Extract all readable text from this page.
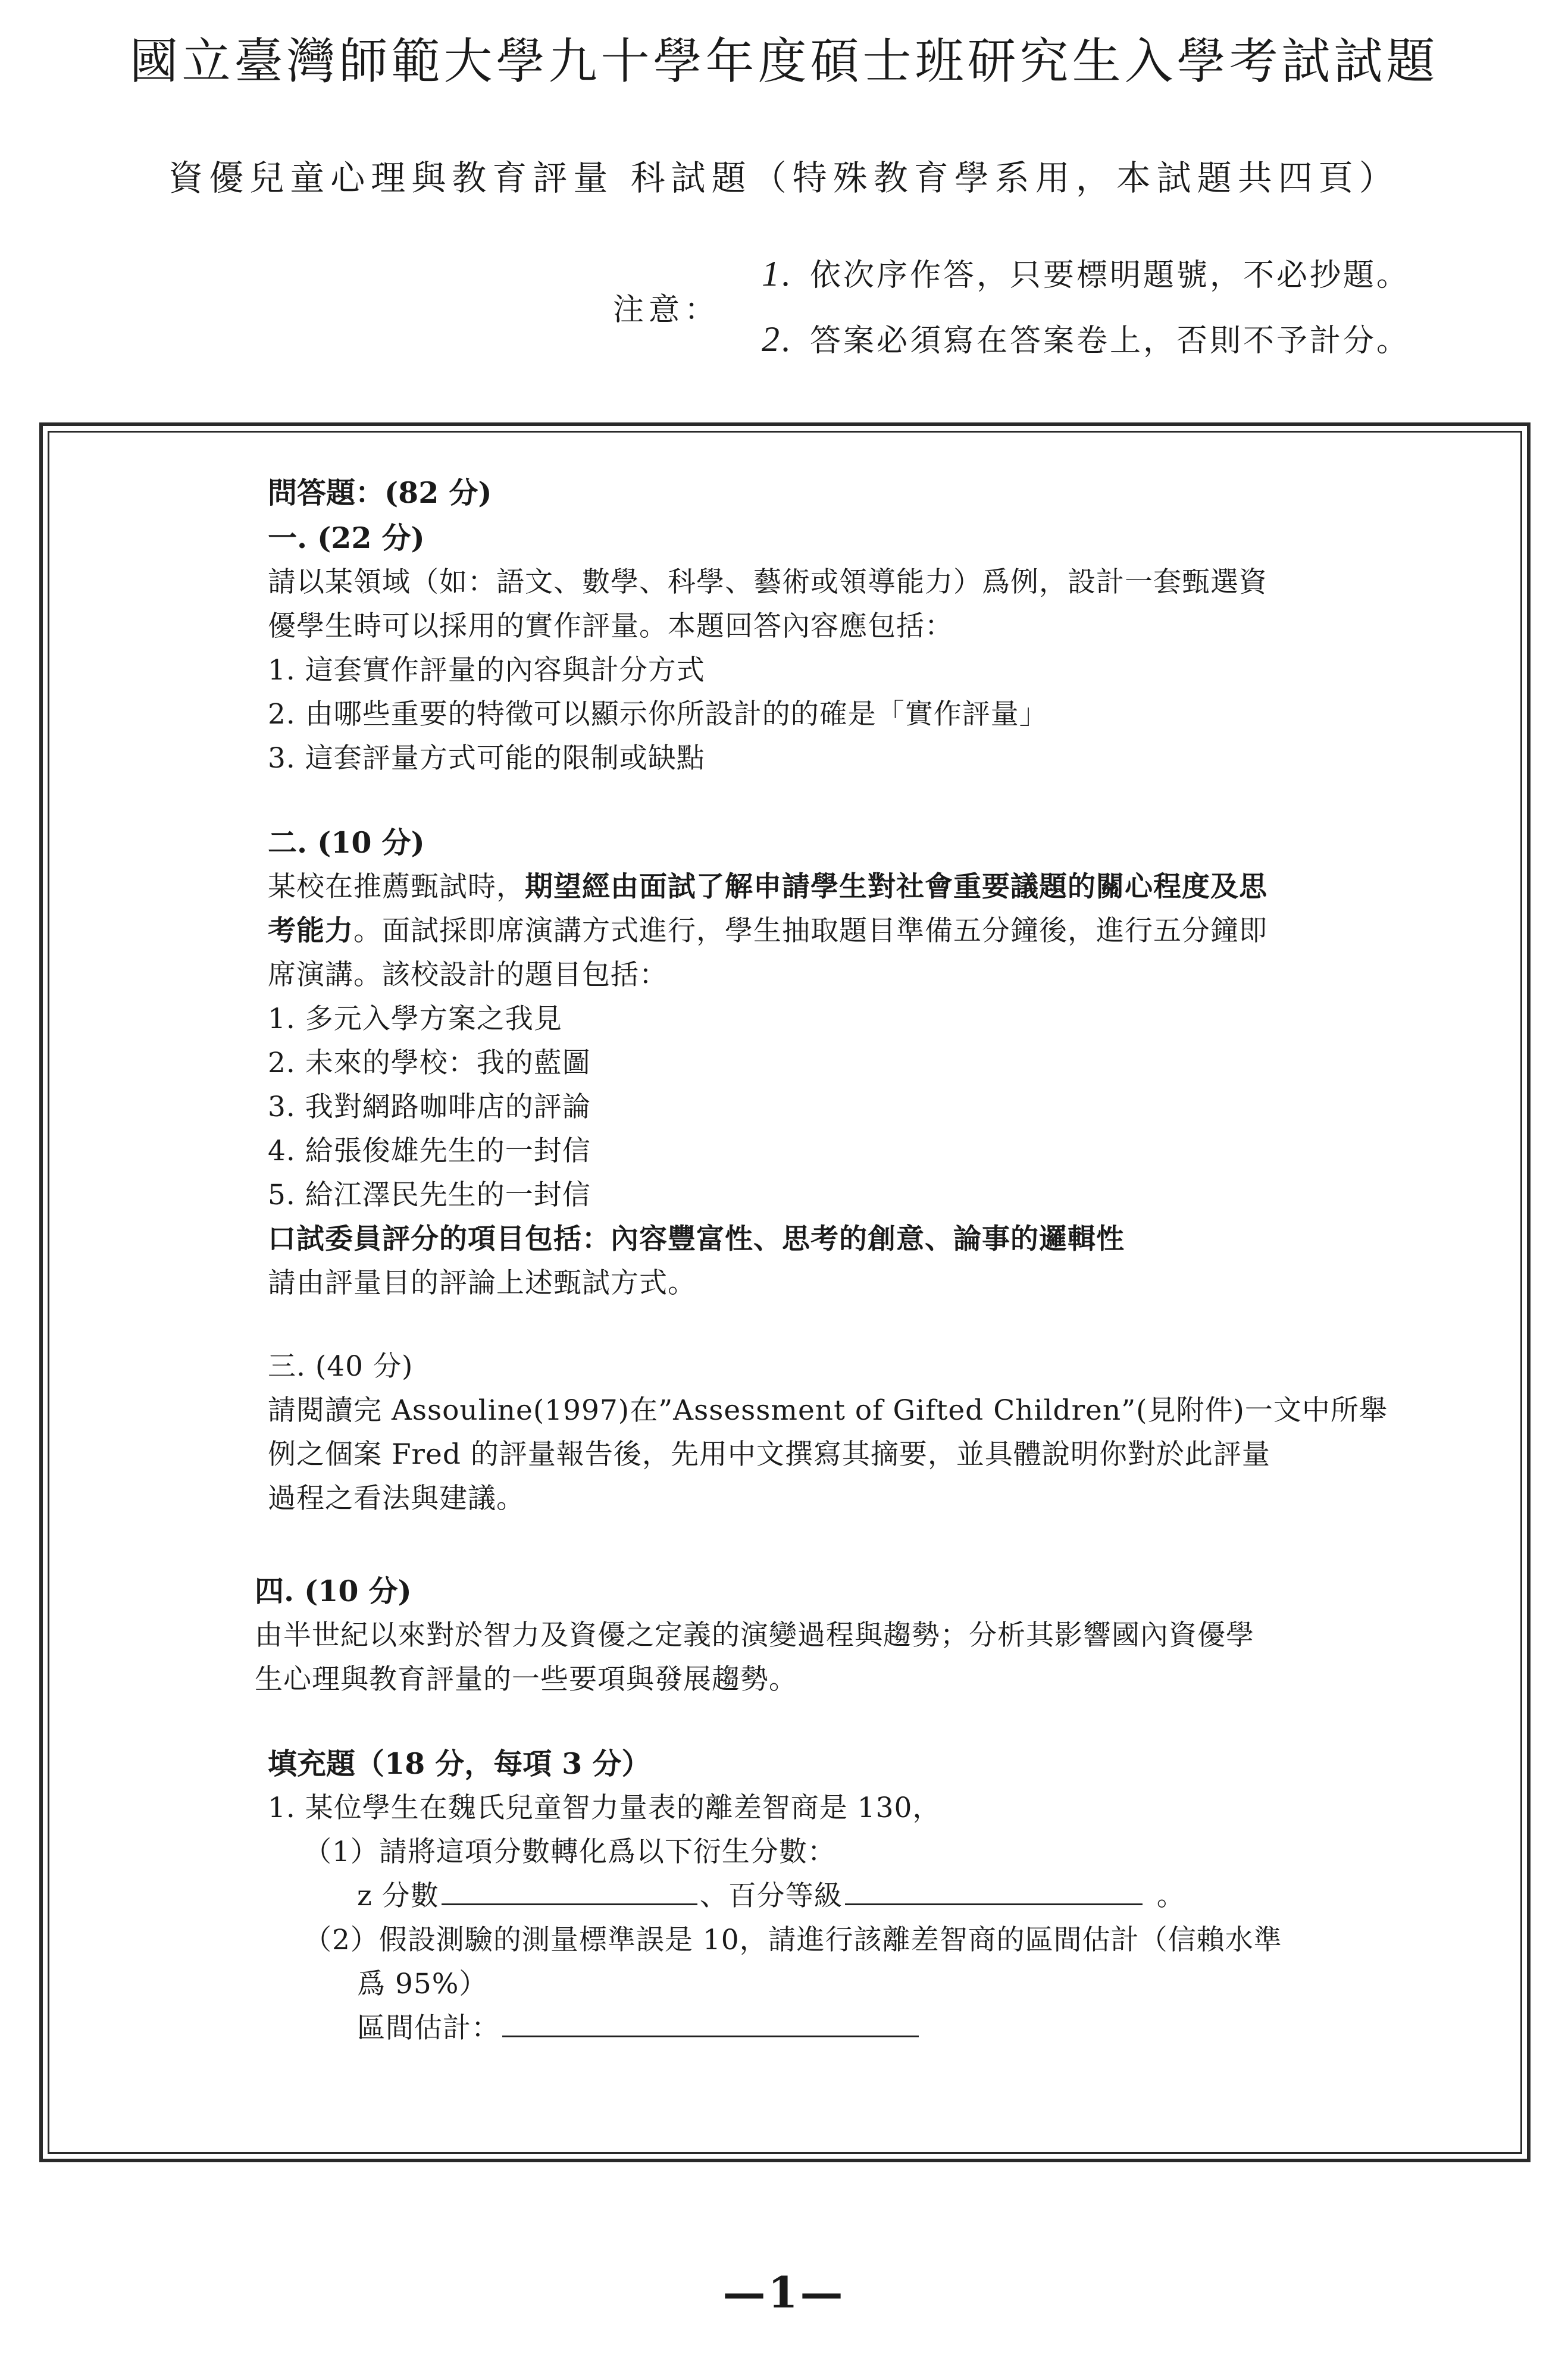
國立臺灣師範大學九十學年度碩士班研究生入學考試試題
資優兒童心理與教育評量 科試題（特殊教育學系用，本試題共四頁）
注意：
1. 依次序作答，只要標明題號，不必抄題。
2. 答案必須寫在答案卷上，否則不予計分。
問答題：(82 分)
一. (22 分)
請以某領域（如：語文、數學、科學、藝術或領導能力）爲例，設計一套甄選資
優學生時可以採用的實作評量。本題回答內容應包括：
1. 這套實作評量的內容與計分方式
2. 由哪些重要的特徵可以顯示你所設計的的確是「實作評量」
3. 這套評量方式可能的限制或缺點
二. (10 分)
某校在推薦甄試時，期望經由面試了解申請學生對社會重要議題的關心程度及思
考能力。面試採即席演講方式進行，學生抽取題目準備五分鐘後，進行五分鐘即
席演講。該校設計的題目包括：
1. 多元入學方案之我見
2. 未來的學校：我的藍圖
3. 我對網路咖啡店的評論
4. 給張俊雄先生的一封信
5. 給江澤民先生的一封信
口試委員評分的項目包括：內容豐富性、思考的創意、論事的邏輯性
請由評量目的評論上述甄試方式。
三. (40 分)
請閱讀完 Assouline(1997)在”Assessment of Gifted Children”(見附件)一文中所舉
例之個案 Fred 的評量報告後，先用中文撰寫其摘要，並具體說明你對於此評量
過程之看法與建議。
四. (10 分)
由半世紀以來對於智力及資優之定義的演變過程與趨勢；分析其影響國內資優學
生心理與教育評量的一些要項與發展趨勢。
填充題（18 分，每項 3 分）
1. 某位學生在魏氏兒童智力量表的離差智商是 130，
（1）請將這項分數轉化爲以下衍生分數：
z 分數	、百分等級	。
（2）假設測驗的測量標準誤是 10，請進行該離差智商的區間估計（信賴水準
爲 95%）
區間估計：
—1—
